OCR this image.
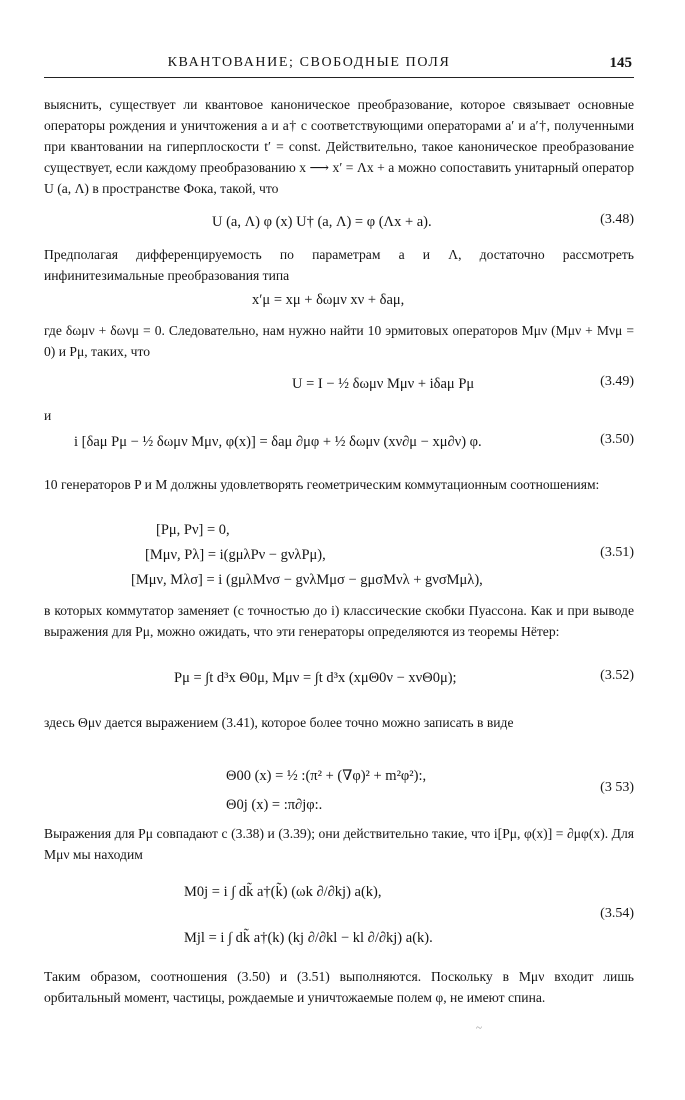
КВАНТОВАНИЕ; СВОБОДНЫЕ ПОЛЯ	145

выяснить, существует ли квантовое каноническое преобразование, которое связывает основные операторы рождения и уничтожения a и a† с соответствующими операторами a′ и a′†, полученными при квантовании на гиперплоскости t′ = const. Действительно, такое каноническое преобразование существует, если каждому преобразованию x ⟶ x′ = Λx + a можно сопоставить унитарный оператор U (a, Λ) в пространстве Фока, такой, что

U (a, Λ) φ (x) U† (a, Λ) = φ (Λx + a).	(3.48)

Предполагая дифференцируемость по параметрам a и Λ, достаточно рассмотреть инфинитезимальные преобразования типа

x′μ = xμ + δωμν xν + δaμ,

где δωμν + δωνμ = 0. Следовательно, нам нужно найти 10 эрмитовых операторов Mμν (Mμν + Mνμ = 0) и Pμ, таких, что

U = I − ½ δωμν Mμν + iδaμ Pμ	(3.49)

и

i [δaμ Pμ − ½ δωμν Mμν, φ(x)] = δaμ ∂μφ + ½ δωμν (xν∂μ − xμ∂ν) φ.	(3.50)

10 генераторов P и M должны удовлетворять геометрическим коммутационным соотношениям:

[Pμ, Pν] = 0,
[Mμν, Pλ] = i(gμλPν − gνλPμ),	(3.51)
[Mμν, Mλσ] = i (gμλMνσ − gνλMμσ − gμσMνλ + gνσMμλ),

в которых коммутатор заменяет (с точностью до i) классические скобки Пуассона. Как и при выводе выражения для Pμ, можно ожидать, что эти генераторы определяются из теоремы Нётер:

Pμ = ∫t d³x Θ0μ, Mμν = ∫t d³x (xμΘ0ν − xνΘ0μ);	(3.52)

здесь Θμν дается выражением (3.41), которое более точно можно записать в виде

Θ00 (x) = ½ :(π² + (∇φ)² + m²φ²):,
(3 53)
Θ0j (x) = :π∂jφ:.

Выражения для Pμ совпадают с (3.38) и (3.39); они действительно такие, что i[Pμ, φ(x)] = ∂μφ(x). Для Mμν мы находим

M0j = i ∫ dk̃ a†(k̃) (ωk ∂/∂kj) a(k),
(3.54)
Mjl = i ∫ dk̃ a†(k) (kj ∂/∂kl − kl ∂/∂kj) a(k).

Таким образом, соотношения (3.50) и (3.51) выполняются. Поскольку в Mμν входит лишь орбитальный момент, частицы, рождаемые и уничтожаемые полем φ, не имеют спина.

~
